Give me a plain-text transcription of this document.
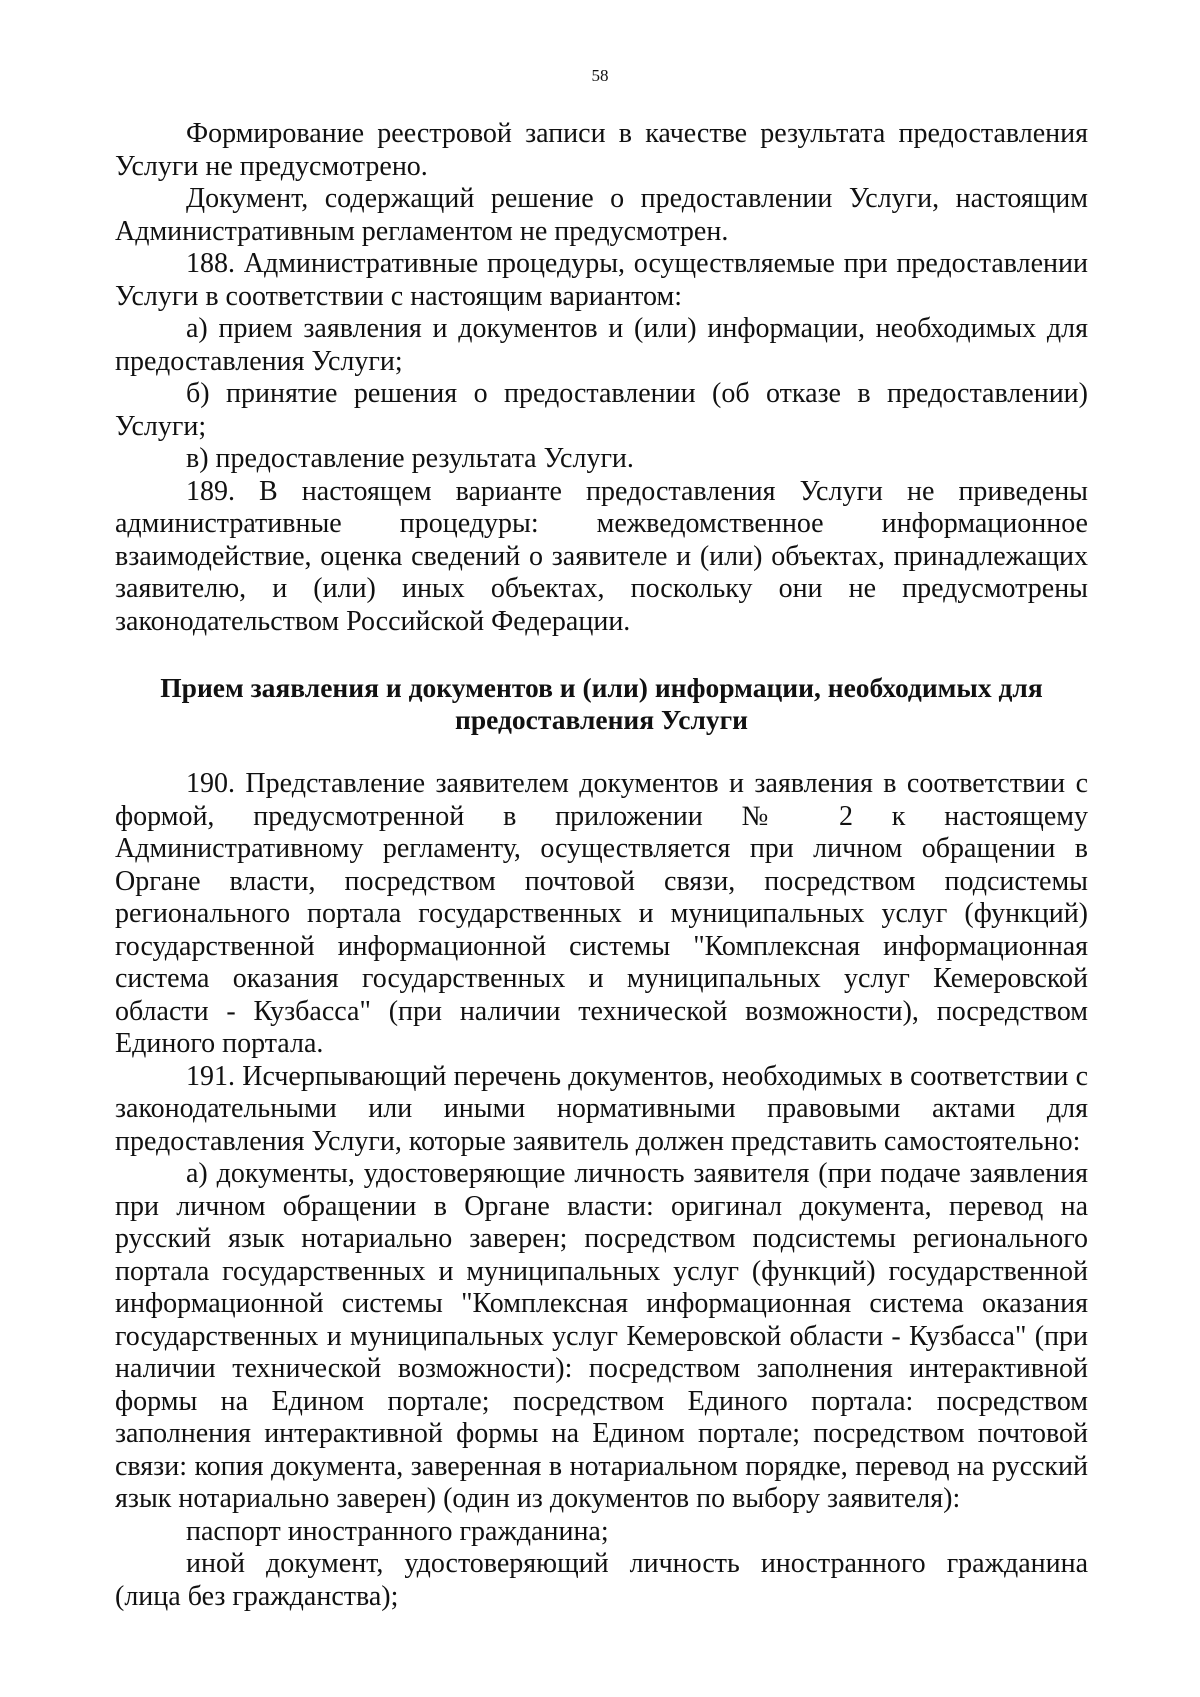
58

Формирование реестровой записи в качестве результата предоставления Услуги не предусмотрено.

Документ, содержащий решение о предоставлении Услуги, настоящим Административным регламентом не предусмотрен.

188. Административные процедуры, осуществляемые при предоставлении Услуги в соответствии с настоящим вариантом:

а) прием заявления и документов и (или) информации, необходимых для предоставления Услуги;

б) принятие решения о предоставлении (об отказе в предоставлении) Услуги;

в) предоставление результата Услуги.

189. В настоящем варианте предоставления Услуги не приведены административные процедуры: межведомственное информационное взаимодействие, оценка сведений о заявителе и (или) объектах, принадлежащих заявителю, и (или) иных объектах, поскольку они не предусмотрены законодательством Российской Федерации.

Прием заявления и документов и (или) информации, необходимых для предоставления Услуги

190. Представление заявителем документов и заявления в соответствии с формой, предусмотренной в приложении № 2 к настоящему Административному регламенту, осуществляется при личном обращении в Органе власти, посредством почтовой связи, посредством подсистемы регионального портала государственных и муниципальных услуг (функций) государственной информационной системы "Комплексная информационная система оказания государственных и муниципальных услуг Кемеровской области - Кузбасса" (при наличии технической возможности), посредством Единого портала.

191. Исчерпывающий перечень документов, необходимых в соответствии с законодательными или иными нормативными правовыми актами для предоставления Услуги, которые заявитель должен представить самостоятельно:

а) документы, удостоверяющие личность заявителя (при подаче заявления при личном обращении в Органе власти: оригинал документа, перевод на русский язык нотариально заверен; посредством подсистемы регионального портала государственных и муниципальных услуг (функций) государственной информационной системы "Комплексная информационная система оказания государственных и муниципальных услуг Кемеровской области - Кузбасса" (при наличии технической возможности): посредством заполнения интерактивной формы на Едином портале; посредством Единого портала: посредством заполнения интерактивной формы на Едином портале; посредством почтовой связи: копия документа, заверенная в нотариальном порядке, перевод на русский язык нотариально заверен) (один из документов по выбору заявителя):

паспорт иностранного гражданина;

иной документ, удостоверяющий личность иностранного гражданина (лица без гражданства);
